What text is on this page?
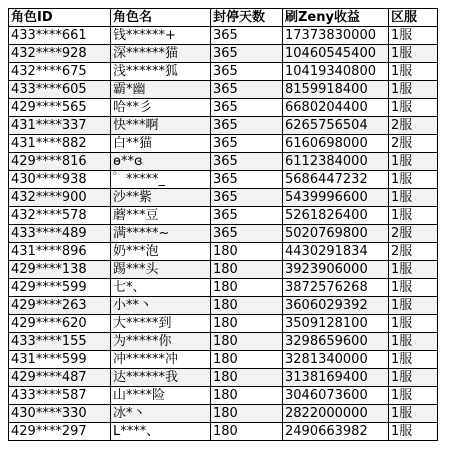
角色ID	角色名	封停天数	刷Zeny收益	区服
433****661	钱******+	365	17373830000	1服
432****928	深******猫	365	10460545400	1服
432****675	浅******狐	365	10419340800	1服
433****605	霸*幽	365	8159918400	1服
429****565	哈**彡	365	6680204400	1服
431****337	快***啊	365	6265756504	2服
431****882	白**猫	365	6160698000	2服
429****816	ɵ**ɞ	365	6112384000	1服
430****938	゜*****_	365	5686447232	1服
432****900	沙**紫	365	5439996600	1服
432****578	蘑***豆	365	5261826400	1服
433****489	满*****~	365	5020769800	2服
431****896	奶***泡	180	4430291834	2服
429****138	踢***头	180	3923906000	1服
429****599	七*、	180	3872576268	1服
429****263	小**丶	180	3606029392	1服
429****620	大*****到	180	3509128100	1服
433****155	为*****你	180	3298659600	1服
431****599	冲******冲	180	3281340000	1服
429****487	达******我	180	3138169400	1服
433****587	山****险	180	3046073600	1服
430****330	冰*丶	180	2822000000	1服
429****297	L****、	180	2490663982	1服
